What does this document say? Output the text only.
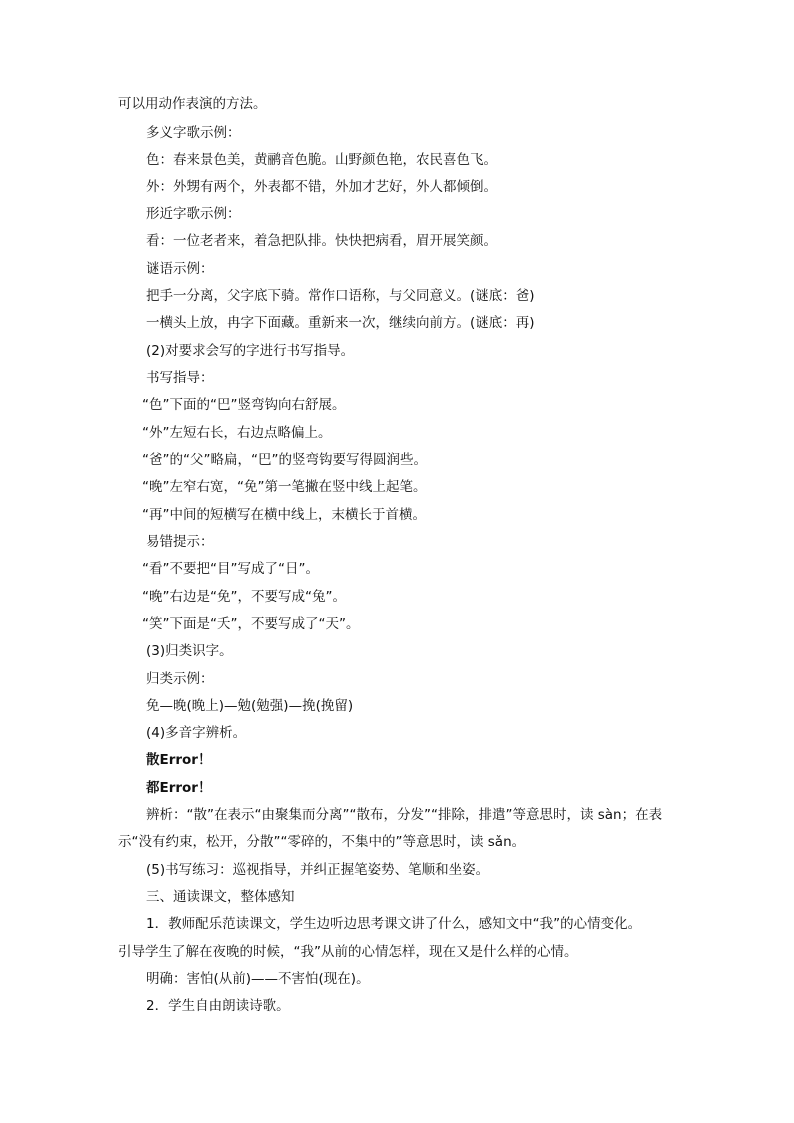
可以用动作表演的方法。
多义字歌示例：
色：春来景色美，黄鹂音色脆。山野颜色艳，农民喜色飞。
外：外甥有两个，外表都不错，外加才艺好，外人都倾倒。
形近字歌示例：
看：一位老者来，着急把队排。快快把病看，眉开展笑颜。
谜语示例：
把手一分离，父字底下骑。常作口语称，与父同意义。(谜底：爸)
一横头上放，冉字下面藏。重新来一次，继续向前方。(谜底：再)
(2)对要求会写的字进行书写指导。
书写指导：
“色”下面的“巴”竖弯钩向右舒展。
“外”左短右长，右边点略偏上。
“爸”的“父”略扁，“巴”的竖弯钩要写得圆润些。
“晚”左窄右宽，“免”第一笔撇在竖中线上起笔。
“再”中间的短横写在横中线上，末横长于首横。
易错提示：
“看”不要把“目”写成了“日”。
“晚”右边是“免”，不要写成“兔”。
“笑”下面是“夭”，不要写成了“天”。
(3)归类识字。
归类示例：
免—晚(晚上)—勉(勉强)—挽(挽留)
(4)多音字辨析。
散Error！
都Error！
辨析：“散”在表示“由聚集而分离”“散布，分发”“排除，排遣”等意思时，读 sàn；在表
示“没有约束，松开，分散”“零碎的，不集中的”等意思时，读 sǎn。
(5)书写练习：巡视指导，并纠正握笔姿势、笔顺和坐姿。
三、通读课文，整体感知
1．教师配乐范读课文，学生边听边思考课文讲了什么，感知文中“我”的心情变化。
引导学生了解在夜晚的时候，“我”从前的心情怎样，现在又是什么样的心情。
明确：害怕(从前)——不害怕(现在)。
2．学生自由朗读诗歌。
